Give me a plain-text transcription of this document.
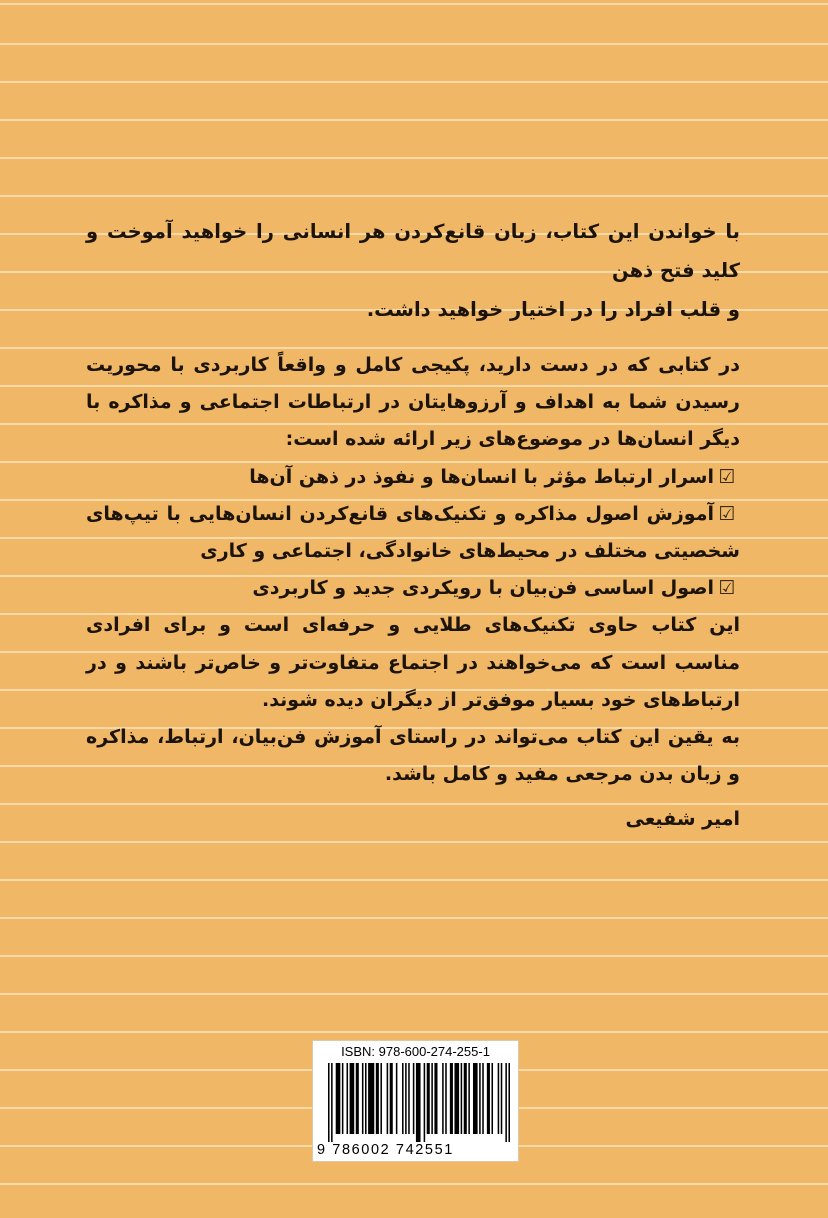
با خواندن این کتاب، زبان قانع‌کردن هر انسانی را خواهید آموخت و کلید فتح ذهن
و قلب افراد را در اختیار خواهید داشت.

در کتابی که در دست دارید، پکیجی کامل و واقعاً کاربردی با محوریت رسیدن شما به اهداف و آرزوهایتان در ارتباطات اجتماعی و مذاکره با دیگر انسان‌ها در موضوع‌های زیر ارائه شده است:

☑اسرار ارتباط مؤثر با انسان‌ها و نفوذ در ذهن آن‌ها

☑آموزش اصول مذاکره و تکنیک‌های قانع‌کردن انسان‌هایی با تیپ‌های شخصیتی مختلف در محیط‌های خانوادگی، اجتماعی و کاری

☑اصول اساسی فن‌بیان با رویکردی جدید و کاربردی

این کتاب حاوی تکنیک‌های طلایی و حرفه‌ای است و برای افرادی مناسب است که می‌خواهند در اجتماع متفاوت‌تر و خاص‌تر باشند و در ارتباط‌های خود بسیار موفق‌تر از دیگران دیده شوند.

به یقین این کتاب می‌تواند در راستای آموزش فن‌بیان، ارتباط، مذاکره و زبان بدن مرجعی مفید و کامل باشد.

امیر شفیعی

ISBN: 978-600-274-255-1
9 786002 742551
